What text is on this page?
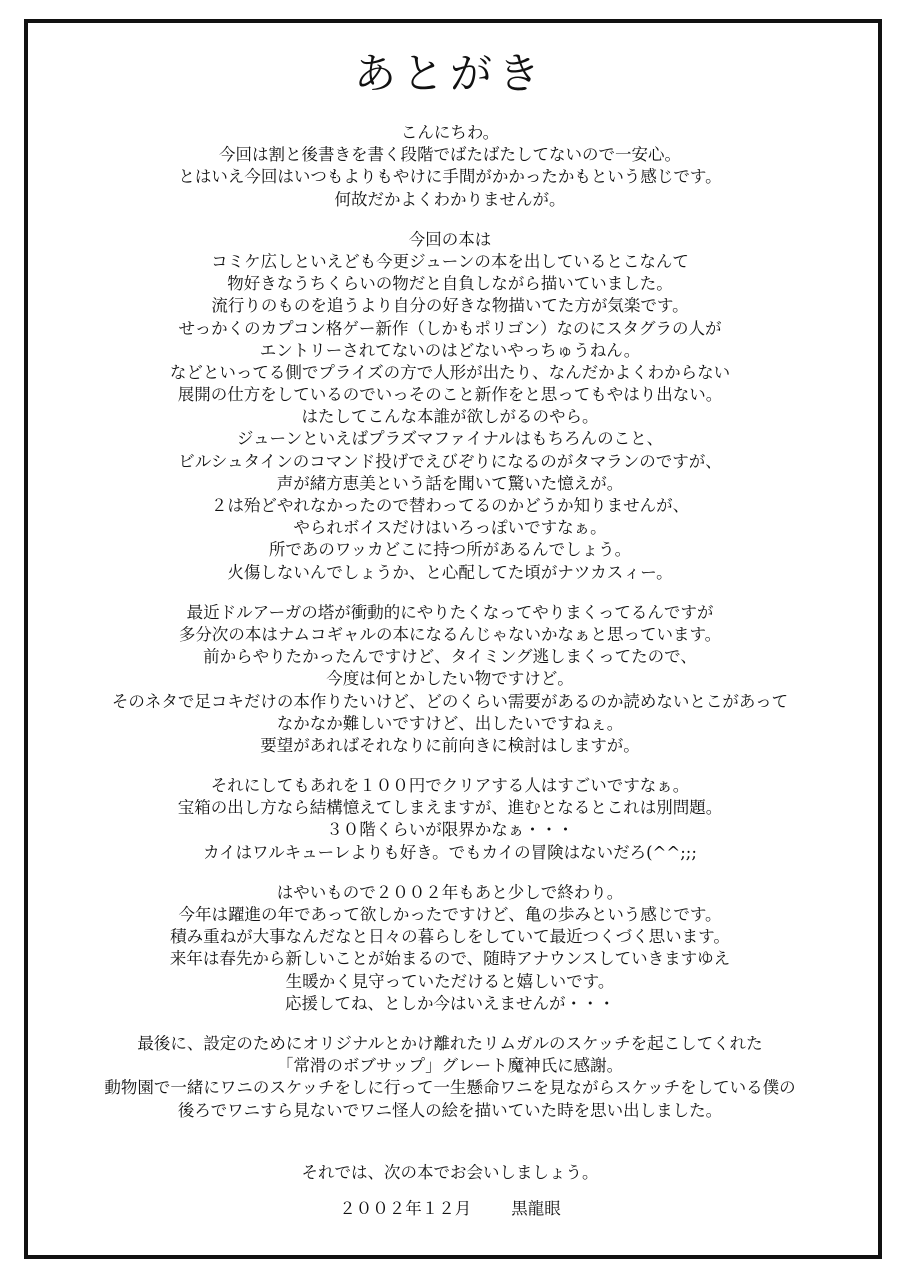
あとがき
こんにちわ。
今回は割と後書きを書く段階でばたばたしてないので一安心。
とはいえ今回はいつもよりもやけに手間がかかったかもという感じです。
何故だかよくわかりませんが。
今回の本は
コミケ広しといえども今更ジューンの本を出しているとこなんて
物好きなうちくらいの物だと自負しながら描いていました。
流行りのものを追うより自分の好きな物描いてた方が気楽です。
せっかくのカプコン格ゲー新作（しかもポリゴン）なのにスタグラの人が
エントリーされてないのはどないやっちゅうねん。
などといってる側でプライズの方で人形が出たり、なんだかよくわからない
展開の仕方をしているのでいっそのこと新作をと思ってもやはり出ない。
はたしてこんな本誰が欲しがるのやら。
ジューンといえばプラズマファイナルはもちろんのこと、
ビルシュタインのコマンド投げでえびぞりになるのがタマランのですが、
声が緒方恵美という話を聞いて驚いた憶えが。
２は殆どやれなかったので替わってるのかどうか知りませんが、
やられボイスだけはいろっぽいですなぁ。
所であのワッカどこに持つ所があるんでしょう。
火傷しないんでしょうか、と心配してた頃がナツカスィー。
最近ドルアーガの塔が衝動的にやりたくなってやりまくってるんですが
多分次の本はナムコギャルの本になるんじゃないかなぁと思っています。
前からやりたかったんですけど、タイミング逃しまくってたので、
今度は何とかしたい物ですけど。
そのネタで足コキだけの本作りたいけど、どのくらい需要があるのか読めないとこがあって
なかなか難しいですけど、出したいですねぇ。
要望があればそれなりに前向きに検討はしますが。
それにしてもあれを１００円でクリアする人はすごいですなぁ。
宝箱の出し方なら結構憶えてしまえますが、進むとなるとこれは別問題。
３０階くらいが限界かなぁ・・・
カイはワルキューレよりも好き。でもカイの冒険はないだろ(^^;;;
はやいもので２００２年もあと少しで終わり。
今年は躍進の年であって欲しかったですけど、亀の歩みという感じです。
積み重ねが大事なんだなと日々の暮らしをしていて最近つくづく思います。
来年は春先から新しいことが始まるので、随時アナウンスしていきますゆえ
生暖かく見守っていただけると嬉しいです。
応援してね、としか今はいえませんが・・・
最後に、設定のためにオリジナルとかけ離れたリムガルのスケッチを起こしてくれた
「常滑のボブサップ」グレート魔神氏に感謝。
動物園で一緒にワニのスケッチをしに行って一生懸命ワニを見ながらスケッチをしている僕の
後ろでワニすら見ないでワニ怪人の絵を描いていた時を思い出しました。
それでは、次の本でお会いしましょう。
２００２年１２月 黒龍眼
